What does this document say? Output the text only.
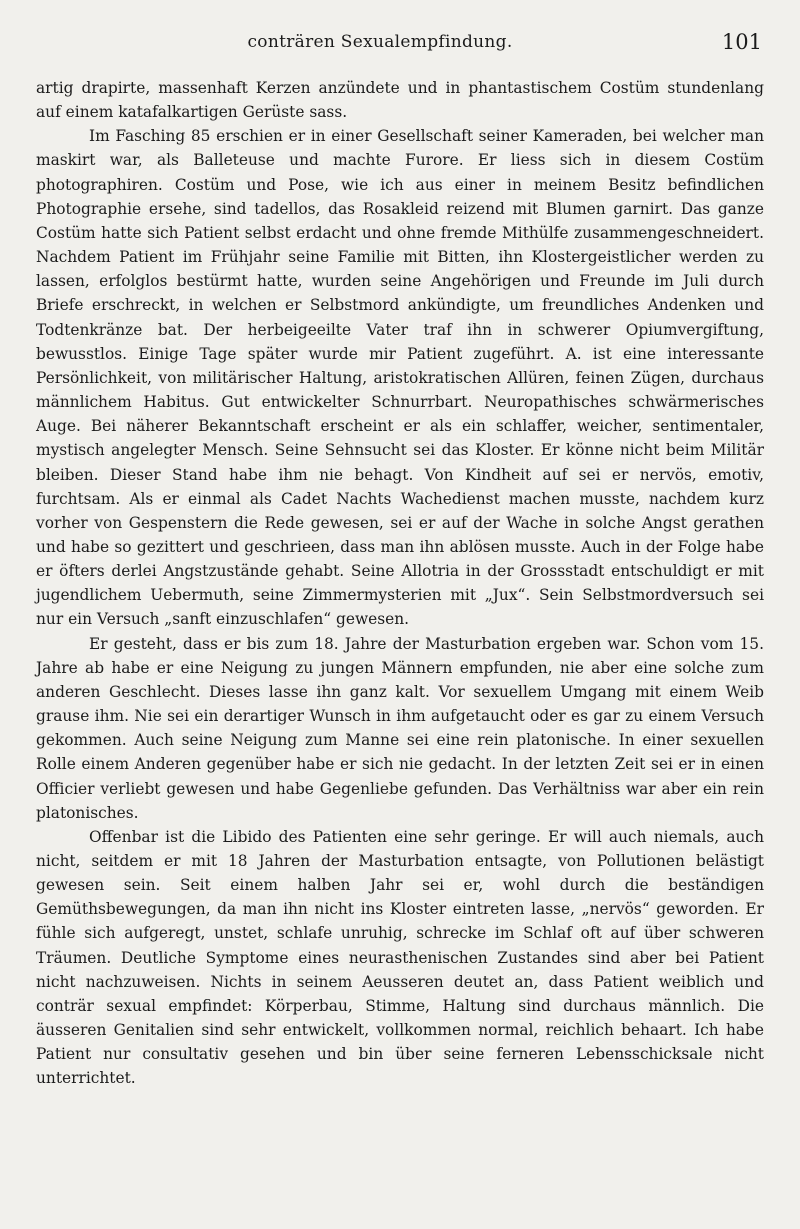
conträren Sexualempfindung.	101

artig drapirte, massenhaft Kerzen anzündete und in phantastischem Costüm stundenlang auf einem katafalkartigen Gerüste sass.

Im Fasching 85 erschien er in einer Gesellschaft seiner Kameraden, bei welcher man maskirt war, als Balleteuse und machte Furore. Er liess sich in diesem Costüm photographiren. Costüm und Pose, wie ich aus einer in meinem Besitz befindlichen Photographie ersehe, sind tadellos, das Rosakleid reizend mit Blumen garnirt. Das ganze Costüm hatte sich Patient selbst erdacht und ohne fremde Mithülfe zusammengeschneidert. Nachdem Patient im Frühjahr seine Familie mit Bitten, ihn Klostergeistlicher werden zu lassen, erfolglos bestürmt hatte, wurden seine Angehörigen und Freunde im Juli durch Briefe erschreckt, in welchen er Selbstmord ankündigte, um freundliches Andenken und Todtenkränze bat. Der herbeigeeilte Vater traf ihn in schwerer Opiumvergiftung, bewusstlos. Einige Tage später wurde mir Patient zugeführt. A. ist eine interessante Persönlichkeit, von militärischer Haltung, aristokratischen Allüren, feinen Zügen, durchaus männlichem Habitus. Gut entwickelter Schnurrbart. Neuropathisches schwärmerisches Auge. Bei näherer Bekanntschaft erscheint er als ein schlaffer, weicher, sentimentaler, mystisch angelegter Mensch. Seine Sehnsucht sei das Kloster. Er könne nicht beim Militär bleiben. Dieser Stand habe ihm nie behagt. Von Kindheit auf sei er nervös, emotiv, furchtsam. Als er einmal als Cadet Nachts Wachedienst machen musste, nachdem kurz vorher von Gespenstern die Rede gewesen, sei er auf der Wache in solche Angst gerathen und habe so gezittert und geschrieen, dass man ihn ablösen musste. Auch in der Folge habe er öfters derlei Angstzustände gehabt. Seine Allotria in der Grossstadt entschuldigt er mit jugendlichem Uebermuth, seine Zimmermysterien mit „Jux“. Sein Selbstmordversuch sei nur ein Versuch „sanft einzuschlafen“ gewesen.

Er gesteht, dass er bis zum 18. Jahre der Masturbation ergeben war. Schon vom 15. Jahre ab habe er eine Neigung zu jungen Männern empfunden, nie aber eine solche zum anderen Geschlecht. Dieses lasse ihn ganz kalt. Vor sexuellem Umgang mit einem Weib grause ihm. Nie sei ein derartiger Wunsch in ihm aufgetaucht oder es gar zu einem Versuch gekommen. Auch seine Neigung zum Manne sei eine rein platonische. In einer sexuellen Rolle einem Anderen gegenüber habe er sich nie gedacht. In der letzten Zeit sei er in einen Officier verliebt gewesen und habe Gegenliebe gefunden. Das Verhältniss war aber ein rein platonisches.

Offenbar ist die Libido des Patienten eine sehr geringe. Er will auch niemals, auch nicht, seitdem er mit 18 Jahren der Masturbation entsagte, von Pollutionen belästigt gewesen sein. Seit einem halben Jahr sei er, wohl durch die beständigen Gemüthsbewegungen, da man ihn nicht ins Kloster eintreten lasse, „nervös“ geworden. Er fühle sich aufgeregt, unstet, schlafe unruhig, schrecke im Schlaf oft auf über schweren Träumen. Deutliche Symptome eines neurasthenischen Zustandes sind aber bei Patient nicht nachzuweisen. Nichts in seinem Aeusseren deutet an, dass Patient weiblich und conträr sexual empfindet: Körperbau, Stimme, Haltung sind durchaus männlich. Die äusseren Genitalien sind sehr entwickelt, vollkommen normal, reichlich behaart. Ich habe Patient nur consultativ gesehen und bin über seine ferneren Lebensschicksale nicht unterrichtet.
